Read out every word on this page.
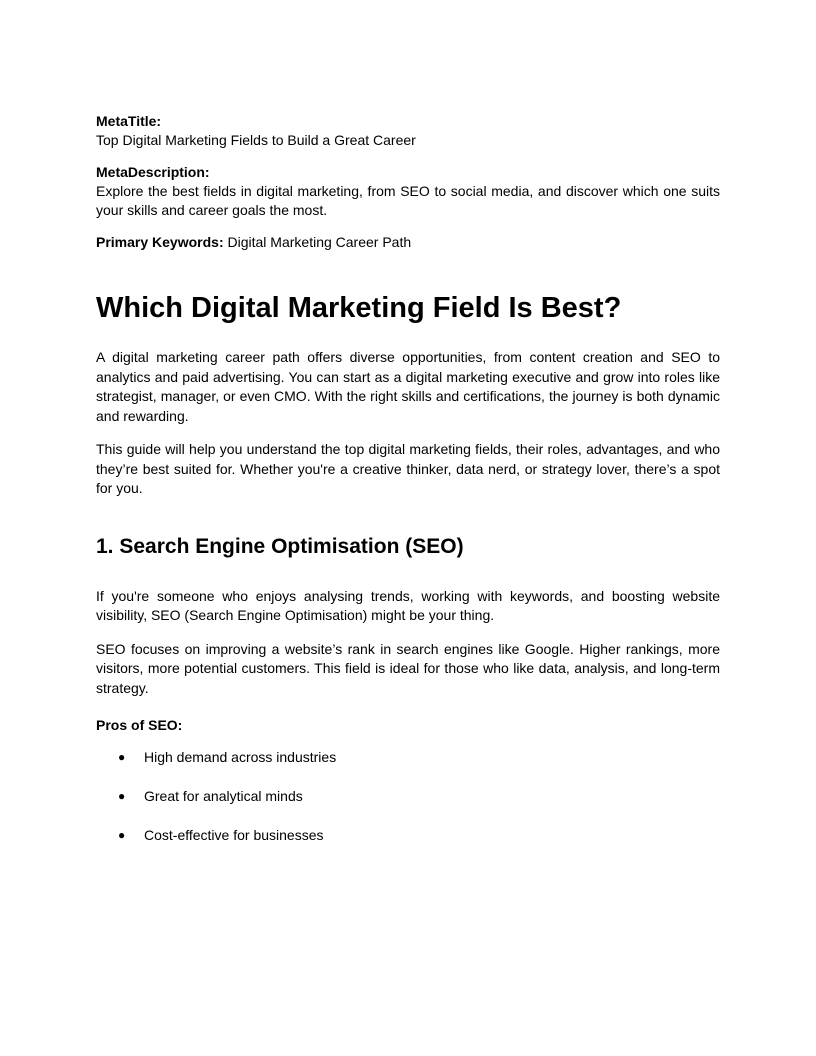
MetaTitle:

Top Digital Marketing Fields to Build a Great Career

MetaDescription:

Explore the best fields in digital marketing, from SEO to social media, and discover which one suits your skills and career goals the most.

Primary Keywords: Digital Marketing Career Path

Which Digital Marketing Field Is Best?

A digital marketing career path offers diverse opportunities, from content creation and SEO to analytics and paid advertising. You can start as a digital marketing executive and grow into roles like strategist, manager, or even CMO. With the right skills and certifications, the journey is both dynamic and rewarding.

This guide will help you understand the top digital marketing fields, their roles, advantages, and who they’re best suited for. Whether you're a creative thinker, data nerd, or strategy lover, there’s a spot for you.

1. Search Engine Optimisation (SEO)

If you're someone who enjoys analysing trends, working with keywords, and boosting website visibility, SEO (Search Engine Optimisation) might be your thing.

SEO focuses on improving a website’s rank in search engines like Google. Higher rankings, more visitors, more potential customers. This field is ideal for those who like data, analysis, and long-term strategy.

Pros of SEO:

● High demand across industries
● Great for analytical minds
● Cost-effective for businesses
